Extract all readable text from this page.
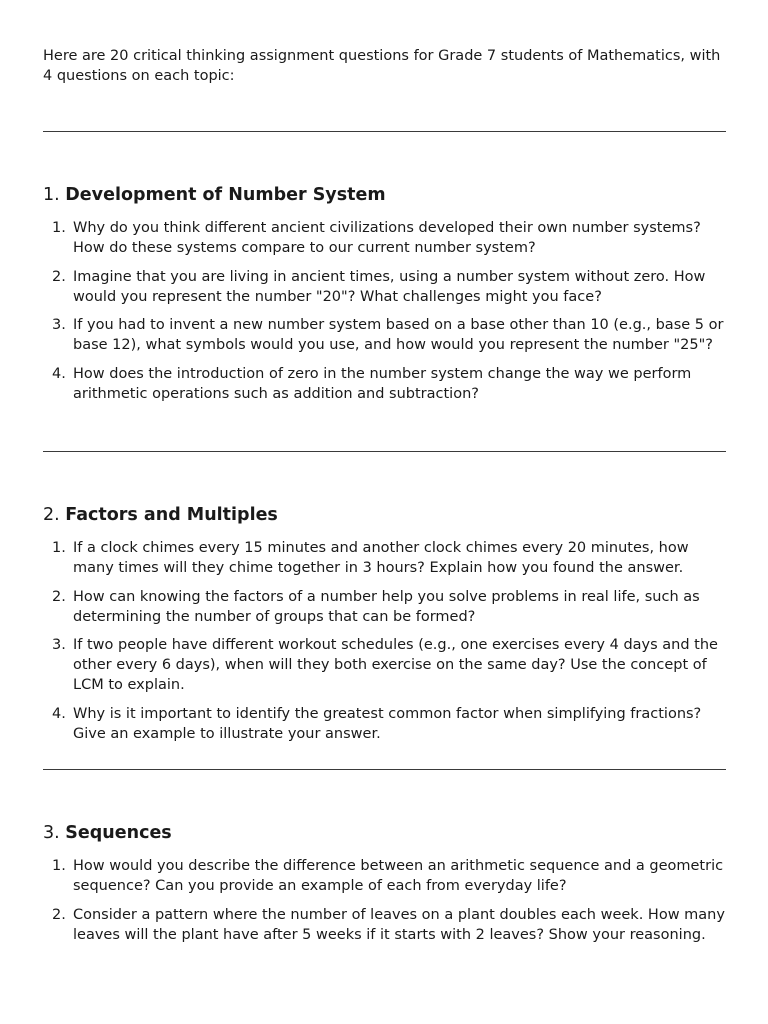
Here are 20 critical thinking assignment questions for Grade 7 students of Mathematics, with 4 questions on each topic:

1. Development of Number System
1. Why do you think different ancient civilizations developed their own number systems? How do these systems compare to our current number system?
2. Imagine that you are living in ancient times, using a number system without zero. How would you represent the number "20"? What challenges might you face?
3. If you had to invent a new number system based on a base other than 10 (e.g., base 5 or base 12), what symbols would you use, and how would you represent the number "25"?
4. How does the introduction of zero in the number system change the way we perform arithmetic operations such as addition and subtraction?
2. Factors and Multiples
1. If a clock chimes every 15 minutes and another clock chimes every 20 minutes, how many times will they chime together in 3 hours? Explain how you found the answer.
2. How can knowing the factors of a number help you solve problems in real life, such as determining the number of groups that can be formed?
3. If two people have different workout schedules (e.g., one exercises every 4 days and the other every 6 days), when will they both exercise on the same day? Use the concept of LCM to explain.
4. Why is it important to identify the greatest common factor when simplifying fractions? Give an example to illustrate your answer.
3. Sequences
1. How would you describe the difference between an arithmetic sequence and a geometric sequence? Can you provide an example of each from everyday life?
2. Consider a pattern where the number of leaves on a plant doubles each week. How many leaves will the plant have after 5 weeks if it starts with 2 leaves? Show your reasoning.
